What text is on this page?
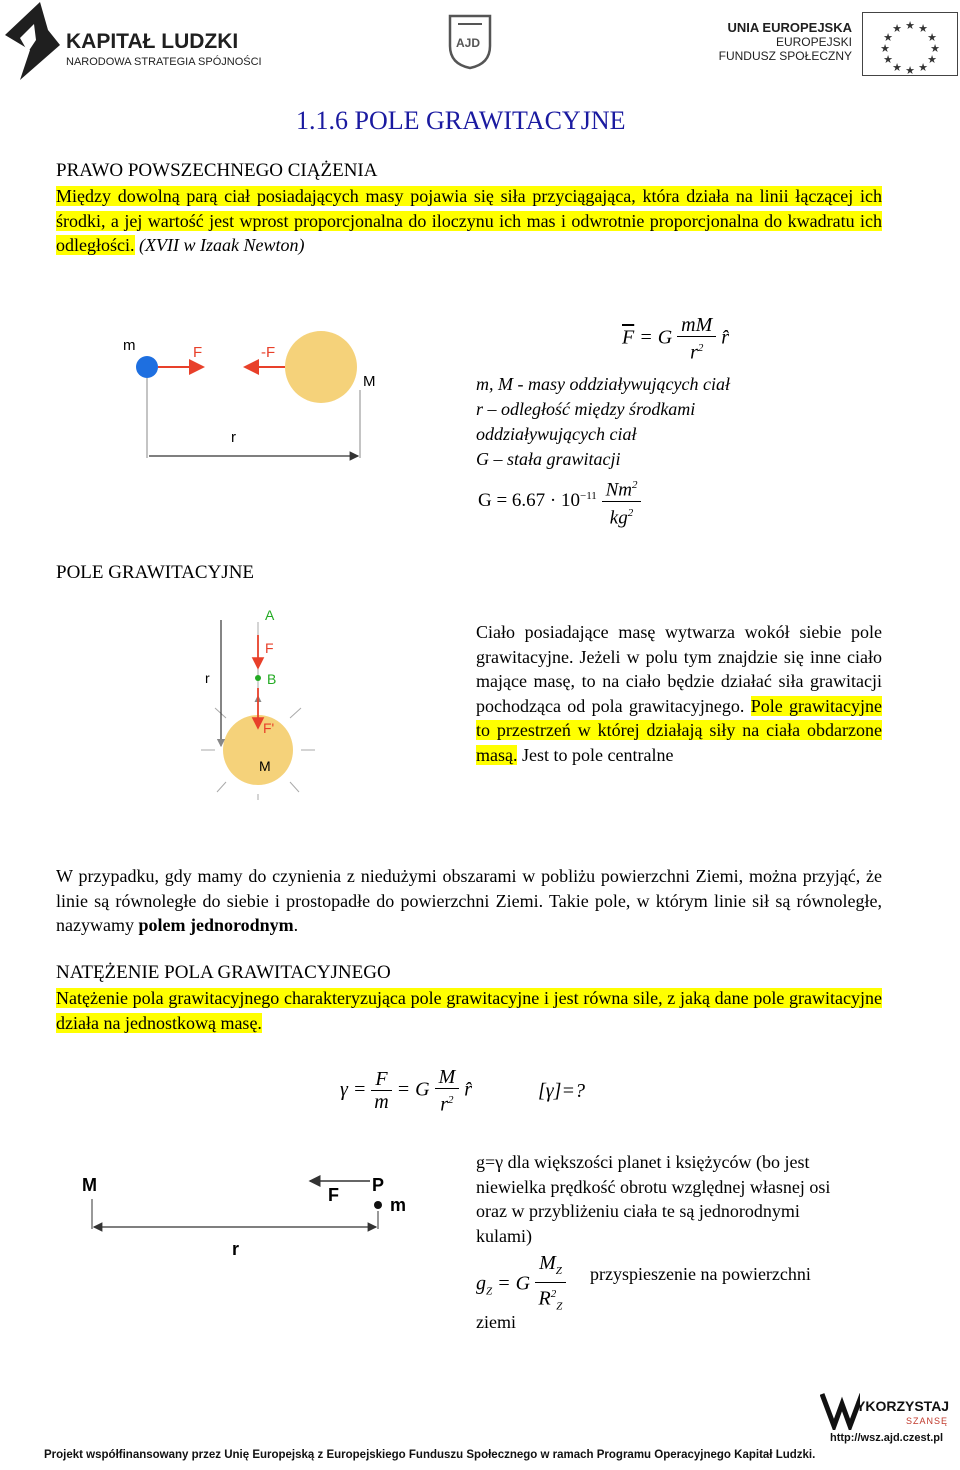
KAPITAŁ LUDZKI
NARODOWA STRATEGIA SPÓJNOŚCI
AJD
UNIA EUROPEJSKA
EUROPEJSKI
FUNDUSZ SPOŁECZNY
★ ★
★
★
★
★
★
★
★
★
★
★
1.1.6 POLE GRAWITACYJNE
PRAWO POWSZECHNEGO CIĄŻENIA
Między dowolną parą ciał posiadających masy pojawia się siła przyciągająca, która działa na linii łączącej ich środki, a jej wartość jest wprost proporcjonalna do iloczynu ich mas i odwrotnie proporcjonalna do kwadratu ich odległości. (XVII w Izaak Newton)
m	F	-F
M
r
$\overline{F} = G \frac{mM}{r^2}$ r̂
m, M - masy oddziaływujących ciał
r – odległość między środkami
oddziaływujących ciał
G – stała grawitacji
$G = 6.67 \cdot 10^{-11} \frac{Nm^2}{kg^2}$
POLE GRAWITACYJNE
A
F
r	B
F'
M
Ciało posiadające masę wytwarza wokół siebie pole grawitacyjne. Jeżeli w polu tym znajdzie się inne ciało mające masę, to na ciało będzie działać siła grawitacji pochodząca od pola grawitacyjnego. Pole grawitacyjne to przestrzeń w której działają siły na ciała obdarzone masą. Jest to pole centralne
W przypadku, gdy mamy do czynienia z niedużymi obszarami w pobliżu powierzchni Ziemi, można przyjąć, że linie są równoległe do siebie i prostopadłe do powierzchni Ziemi. Takie pole, w którym linie sił są równoległe, nazywamy polem jednorodnym.
NATĘŻENIE POLA GRAWITACYJNEGO
Natężenie pola grawitacyjnego charakteryzująca pole grawitacyjne i jest równa sile, z jaką dane pole grawitacyjne działa na jednostkową masę.
$\gamma = \frac{F}{m} = G \frac{M}{r^2}$ r̂	[γ]=?
M	F P
m
r
g=γ dla większości planet i księżyców (bo jest niewielka prędkość obrotu względnej własnej osi oraz w przybliżeniu ciała te są jednorodnymi kulami)
$g_Z = G \frac{M_Z}{R^2_Z}$ przyspieszenie na powierzchni
ziemi
YKORZYSTAJ
SZANSĘ
http://wsz.ajd.czest.pl
Projekt współfinansowany przez Unię Europejską z Europejskiego Funduszu Społecznego w ramach Programu Operacyjnego Kapitał Ludzki.
